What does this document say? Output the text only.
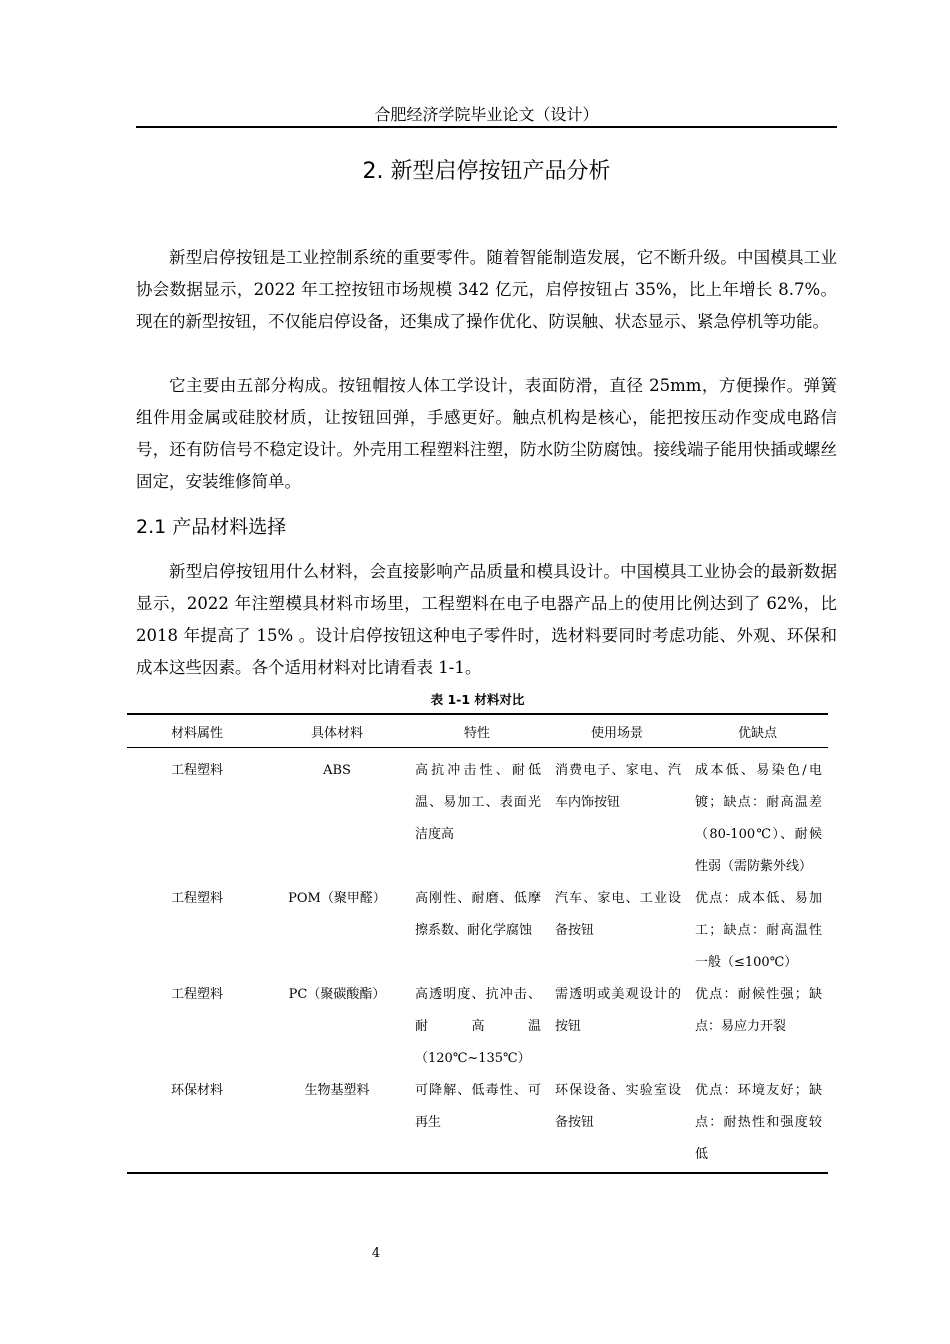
合肥经济学院毕业论文（设计）
2. 新型启停按钮产品分析

新型启停按钮是工业控制系统的重要零件。随着智能制造发展，它不断升级。中国模具工业协会数据显示，2022 年工控按钮市场规模 342 亿元，启停按钮占 35%，比上年增长 8.7%。现在的新型按钮，不仅能启停设备，还集成了操作优化、防误触、状态显示、紧急停机等功能。

它主要由五部分构成。按钮帽按人体工学设计，表面防滑，直径 25mm，方便操作。弹簧组件用金属或硅胶材质，让按钮回弹，手感更好。触点机构是核心，能把按压动作变成电路信号，还有防信号不稳定设计。外壳用工程塑料注塑，防水防尘防腐蚀。接线端子能用快插或螺丝固定，安装维修简单。

2.1 产品材料选择

新型启停按钮用什么材料，会直接影响产品质量和模具设计。中国模具工业协会的最新数据显示，2022 年注塑模具材料市场里，工程塑料在电子电器产品上的使用比例达到了 62%，比 2018 年提高了 15% 。设计启停按钮这种电子零件时，选材料要同时考虑功能、外观、环保和成本这些因素。各个适用材料对比请看表 1-1。

表 1-1 材料对比
材料属性	具体材料	特性	使用场景	优缺点
工程塑料	ABS	高抗冲击性、耐低温、易加工、表面光洁度高	消费电子、家电、汽车内饰按钮	成本低、易染色/电镀；缺点：耐高温差（80-100℃）、耐候性弱（需防紫外线）
工程塑料	POM（聚甲醛）	高刚性、耐磨、低摩擦系数、耐化学腐蚀	汽车、家电、工业设备按钮	优点：成本低、易加工；缺点：耐高温性一般（≤100℃）
工程塑料	PC（聚碳酸酯）	高透明度、抗冲击、耐高温（120℃~135℃）	需透明或美观设计的按钮	优点：耐候性强；缺点：易应力开裂
环保材料	生物基塑料	可降解、低毒性、可再生	环保设备、实验室设备按钮	优点：环境友好；缺点：耐热性和强度较低
4
